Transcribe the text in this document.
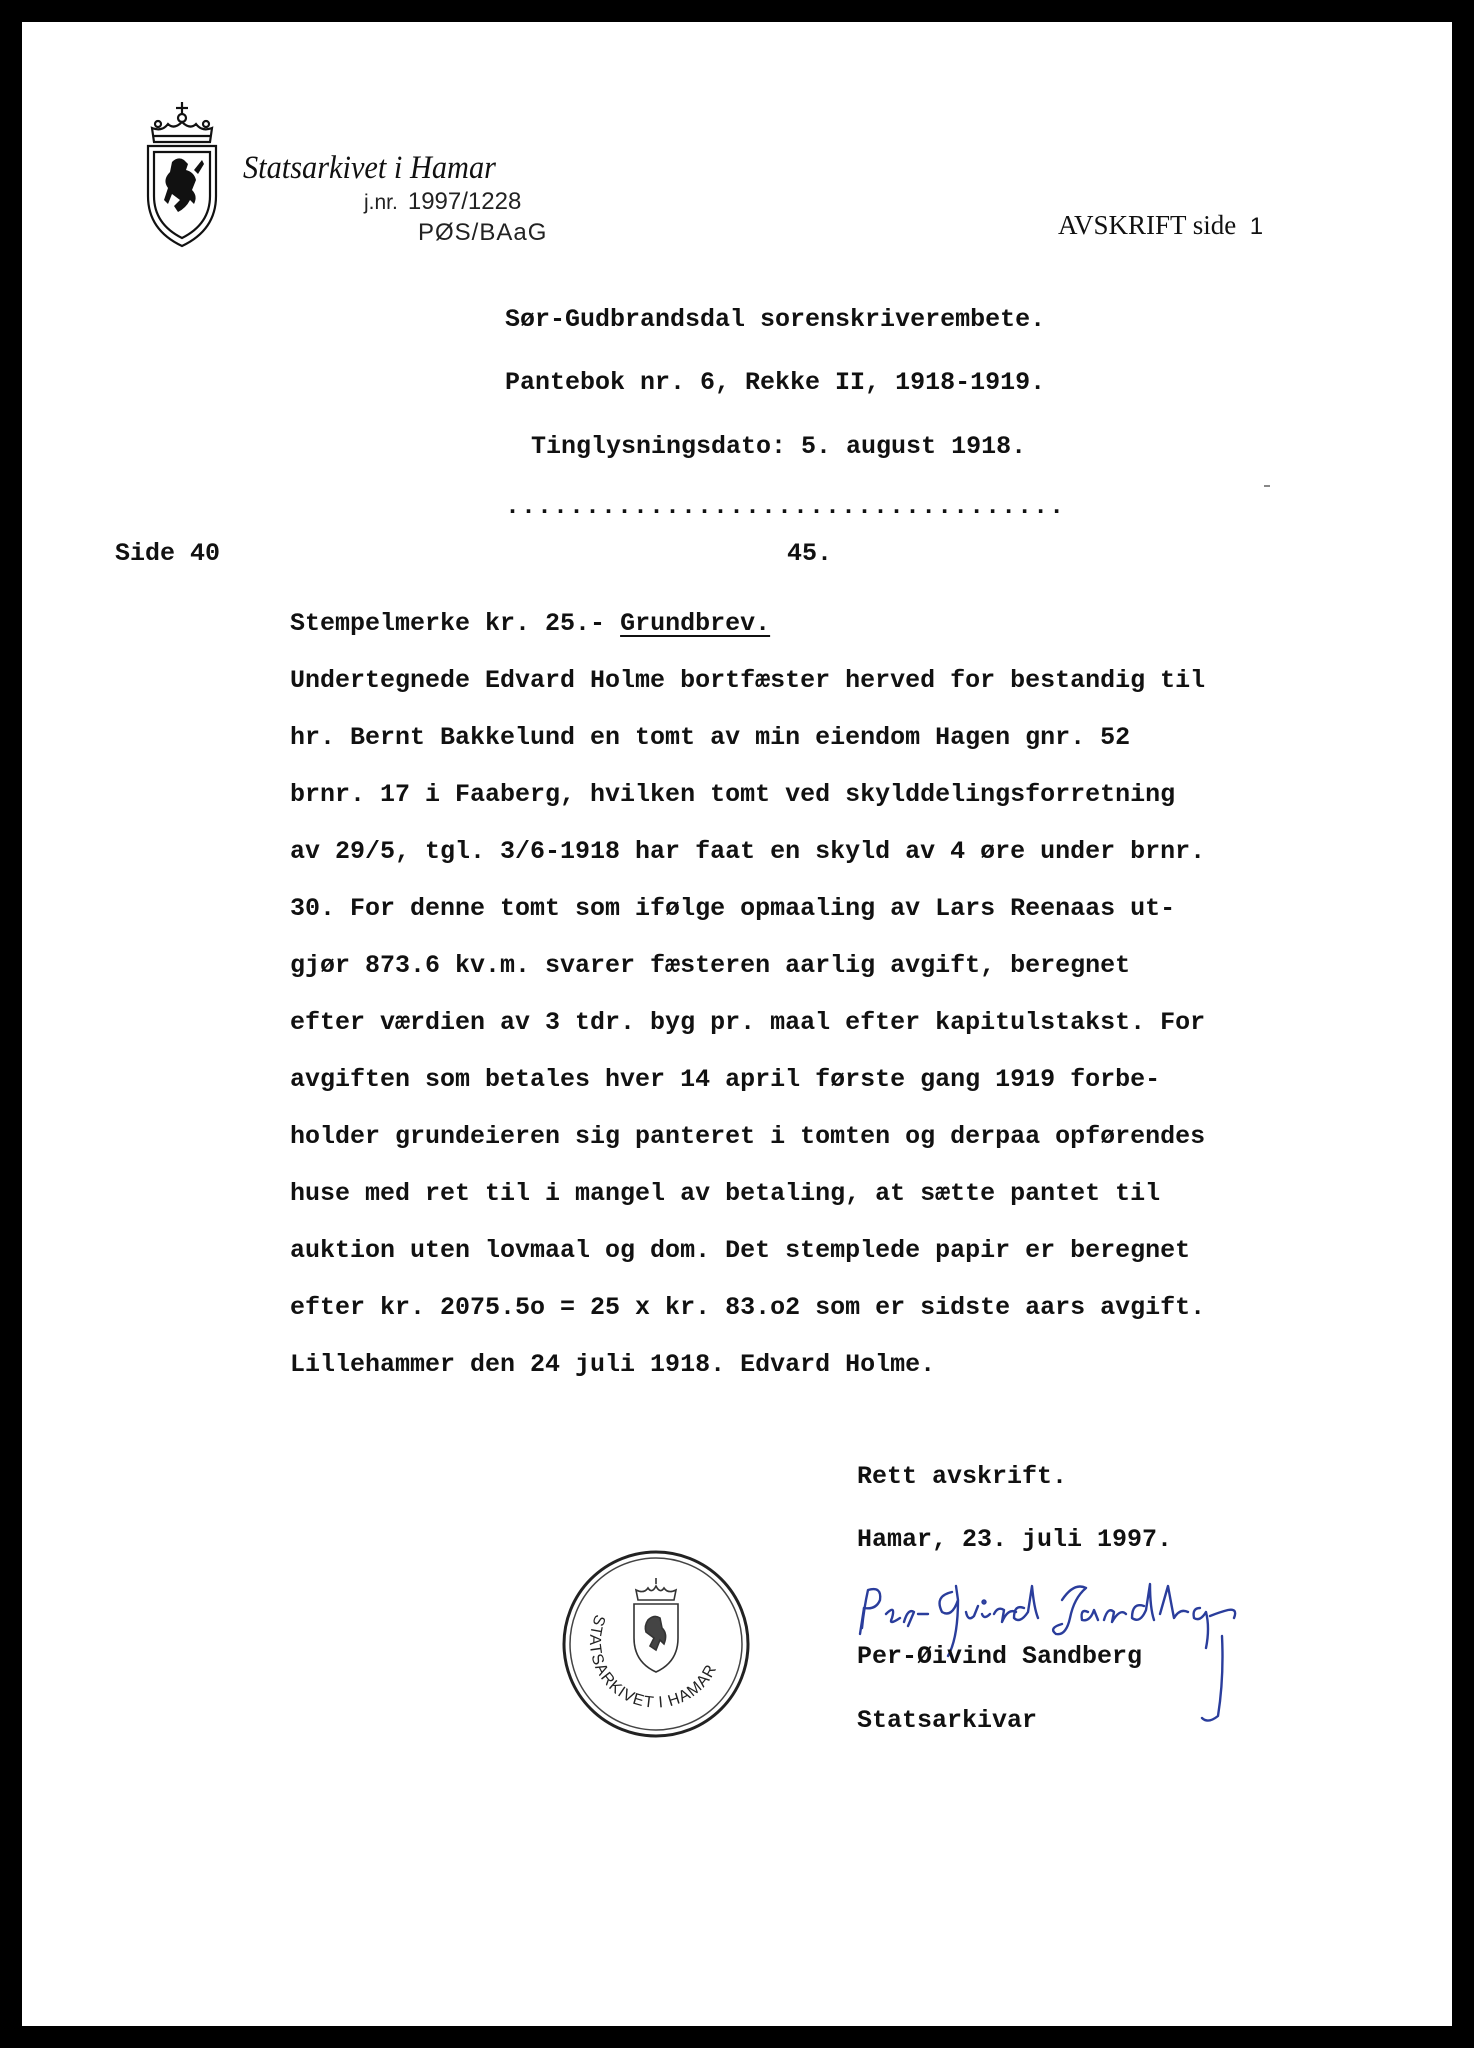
Statsarkivet i Hamar
j.nr. 1997/1228
PØS/BAaG	AVSKRIFT side 1
Sør-Gudbrandsdal sorenskriverembete.
Pantebok nr. 6, Rekke II, 1918-1919.
Tinglysningsdato: 5. august 1918.
...................................
Side 40	45.
Stempelmerke kr. 25.- Grundbrev.
Undertegnede Edvard Holme bortfæster herved for bestandig til
hr. Bernt Bakkelund en tomt av min eiendom Hagen gnr. 52
brnr. 17 i Faaberg, hvilken tomt ved skylddelingsforretning
av 29/5, tgl. 3/6-1918 har faat en skyld av 4 øre under brnr.
30. For denne tomt som ifølge opmaaling av Lars Reenaas ut-
gjør 873.6 kv.m. svarer fæsteren aarlig avgift, beregnet
efter værdien av 3 tdr. byg pr. maal efter kapitulstakst. For
avgiften som betales hver 14 april første gang 1919 forbe-
holder grundeieren sig panteret i tomten og derpaa opførendes
huse med ret til i mangel av betaling, at sætte pantet til
auktion uten lovmaal og dom. Det stemplede papir er beregnet
efter kr. 2075.5o = 25 x kr. 83.o2 som er sidste aars avgift.
Lillehammer den 24 juli 1918. Edvard Holme.
Rett avskrift.
Hamar, 23. juli 1997.
STATSARKIVET I HAMAR
Per-Øivind Sandberg
Statsarkivar
